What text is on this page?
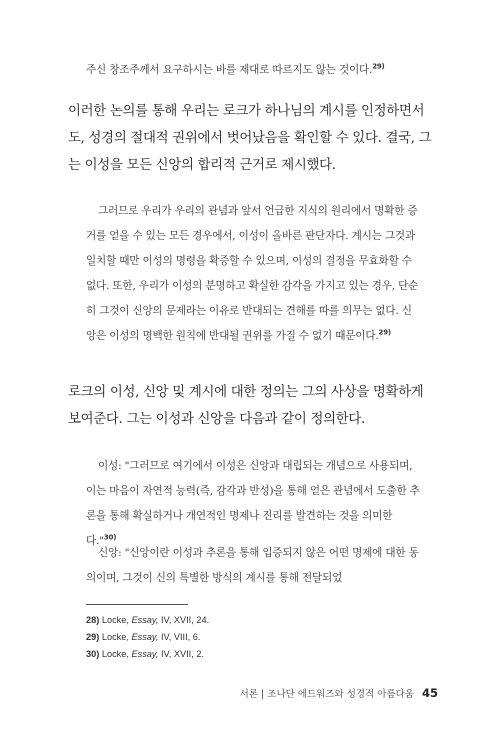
주신 창조주께서 요구하시는 바를 제대로 따르지도 않는 것이다.$^{29)}$

이러한 논의를 통해 우리는 로크가 하나님의 계시를 인정하면서도, 성경의 절대적 권위에서 벗어났음을 확인할 수 있다. 결국, 그는 이성을 모든 신앙의 합리적 근거로 제시했다.

그러므로 우리가 우리의 관념과 앞서 언급한 지식의 원리에서 명확한 증거를 얻을 수 있는 모든 경우에서, 이성이 올바른 판단자다. 계시는 그것과 일치할 때만 이성의 명령을 확증할 수 있으며, 이성의 결정을 무효화할 수 없다. 또한, 우리가 이성의 분명하고 확실한 감각을 가지고 있는 경우, 단순히 그것이 신앙의 문제라는 이유로 반대되는 견해를 따를 의무는 없다. 신앙은 이성의 명백한 원칙에 반대될 권위를 가질 수 없기 때문이다.$^{29)}$

로크의 이성, 신앙 및 계시에 대한 정의는 그의 사상을 명확하게 보여준다. 그는 이성과 신앙을 다음과 같이 정의한다.

이성: "그러므로 여기에서 이성은 신앙과 대립되는 개념으로 사용되며, 이는 마음이 자연적 능력(즉, 감각과 반성)을 통해 얻은 관념에서 도출한 추론을 통해 확실하거나 개연적인 명제나 진리를 발견하는 것을 의미한다."$^{30)}$

신앙: "신앙이란 이성과 추론을 통해 입증되지 않은 어떤 명제에 대한 동의이며, 그것이 신의 특별한 방식의 계시를 통해 전달되었

28) Locke, Essay, IV, XVII, 24.
29) Locke, Essay, IV, VIII, 6.
30) Locke, Essay, IV, XVII, 2.
서론 | 조나단 에드워즈와 성경적 아름다움 45
